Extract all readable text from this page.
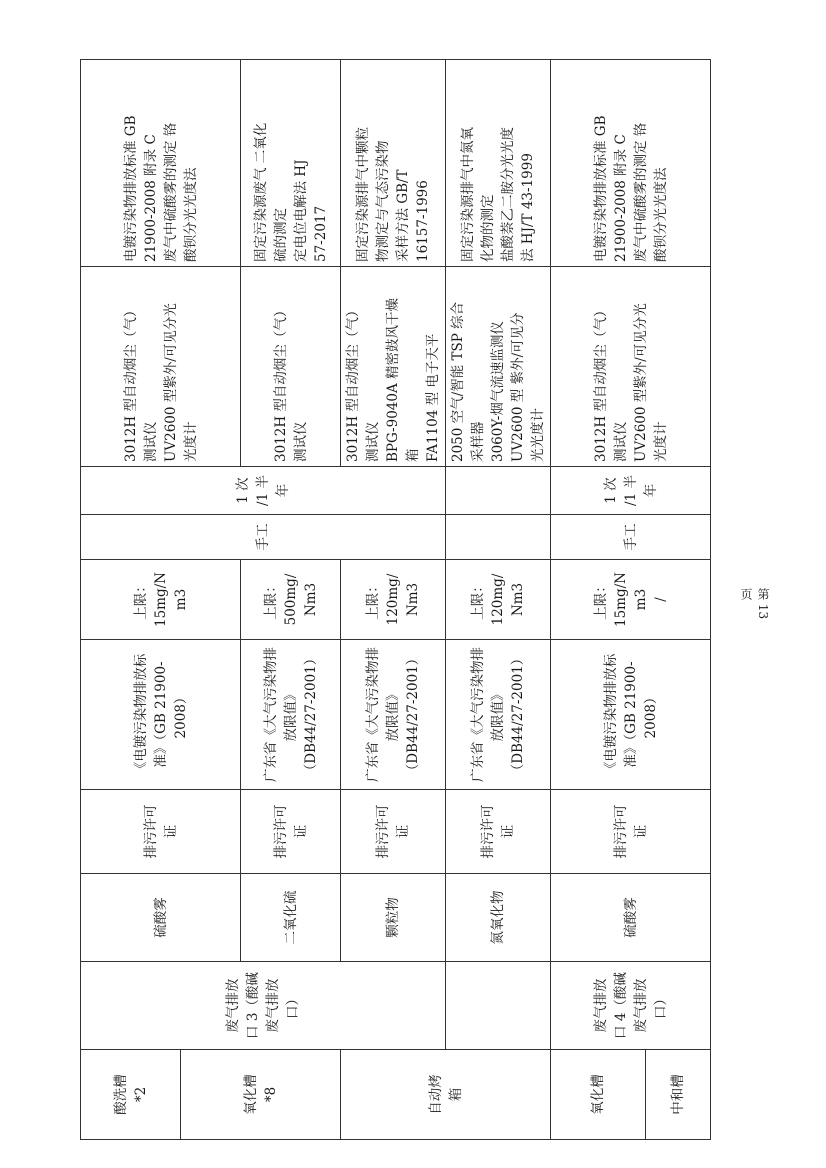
酸洗槽
*2	废气排放
口 3（酸碱
废气排放
口）	硫酸雾	排污许可
证	《电镀污染物排放标
准》（GB 21900-2008）	上限：
15mg/N
m3	手工	1 次
/1 半
年	3012H 型自动烟尘（气）
测试仪
UV2600 型紫外/可见分光
光度计	电镀污染物排放标准 GB
21900-2008 附录 C
废气中硫酸雾的测定 铬
酸钡分光光度法
氧化槽
*8									
		二氧化硫	排污许可
证	广东省《大气污染物排
放限值》
（DB44/27-2001）	上限：
500mg/
Nm3			3012H 型自动烟尘（气）
测试仪	固定污染源废气 二氧化
硫的测定
定电位电解法 HJ
57-2017
自动烤
箱		颗粒物	排污许可
证	广东省《大气污染物排
放限值》
（DB44/27-2001）	上限：
120mg/
Nm3			3012H 型自动烟尘（气）
测试仪
BPG-9040A 精密鼓风干燥
箱
FA1104 型 电子天平	固定污染源排气中颗粒
物测定与气态污染物
采样方法 GB/T
16157-1996
		氮氧化物	排污许可
证	广东省《大气污染物排
放限值》
（DB44/27-2001）	上限：
120mg/
Nm3			2050 空气/智能 TSP 综合
采样器
3060Y-烟气流速监测仪
UV2600 型 紫外/可见分
光光度计	固定污染源排气中氮氧
化物的测定
盐酸萘乙二胺分光光度
法 HJ/T 43-1999
氧化槽	废气排放
口 4（酸碱
废气排放
口）	硫酸雾	排污许可
证	《电镀污染物排放标
准》（GB 21900-2008）	上限：
15mg/N
m3
/	手工	1 次
/1 半
年	3012H 型自动烟尘（气）
测试仪
UV2600 型紫外/可见分光
光度计	电镀污染物排放标准 GB
21900-2008 附录 C
废气中硫酸雾的测定 铬
酸钡分光光度法
中和槽									
第 13 页
